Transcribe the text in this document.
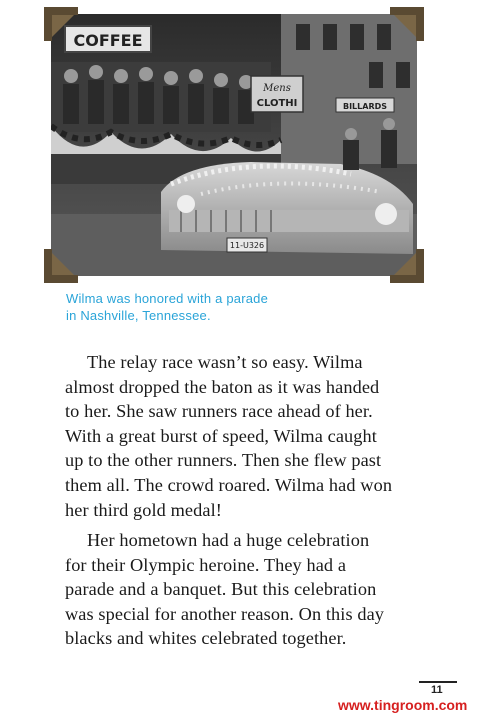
COFFEE
Mens
CLOTHI	BILLARDS
11-U326
Wilma was honored with a parade
in Nashville, Tennessee.
The relay race wasn’t so easy. Wilma
almost dropped the baton as it was handed
to her. She saw runners race ahead of her.
With a great burst of speed, Wilma caught
up to the other runners. Then she flew past
them all. The crowd roared. Wilma had won
her third gold medal!
Her hometown had a huge celebration
for their Olympic heroine. They had a
parade and a banquet. But this celebration
was special for another reason. On this day
blacks and whites celebrated together.
11
www.tingroom.com
